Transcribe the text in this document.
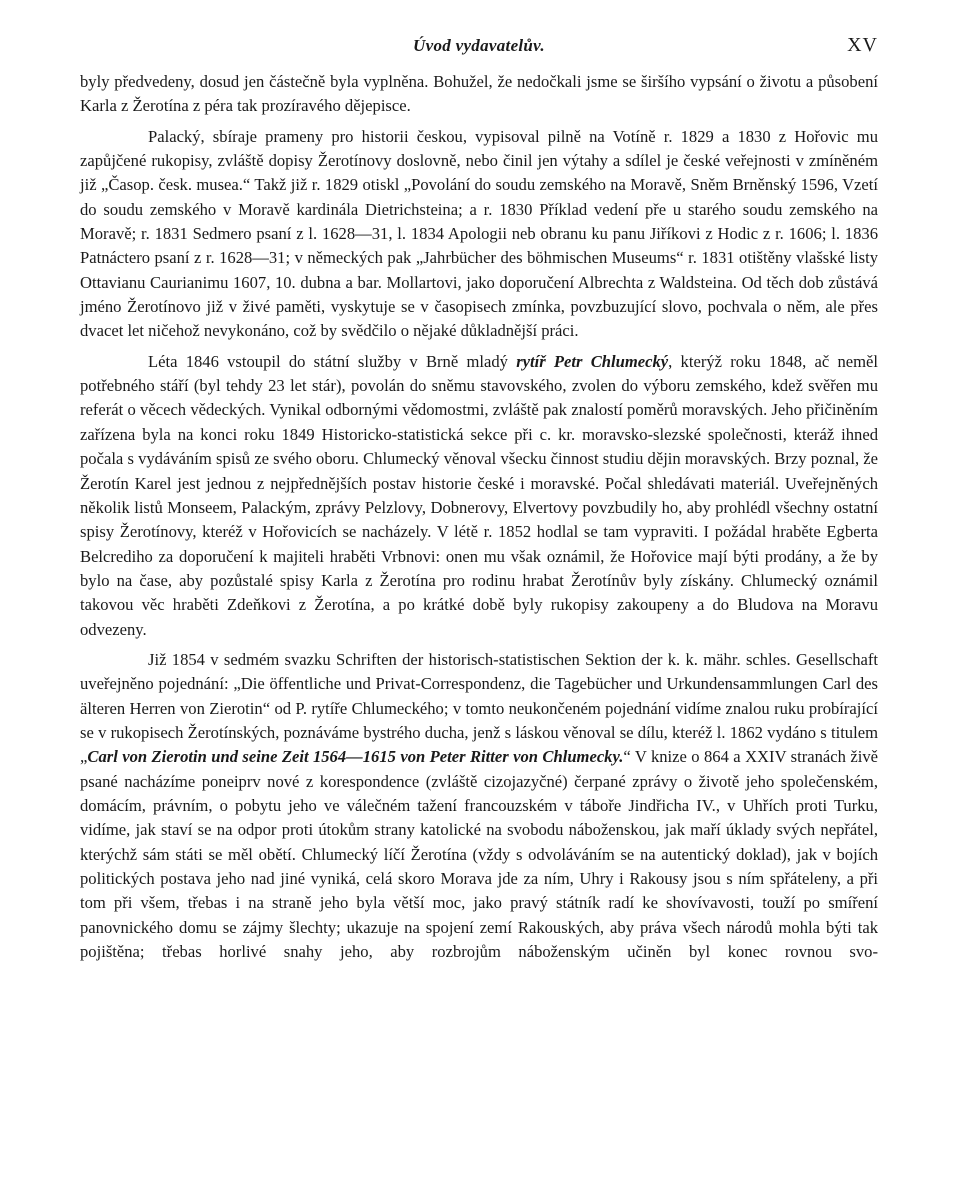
Úvod vydavatelův.	XV

byly předvedeny, dosud jen částečně byla vyplněna. Bohužel, že nedočkali jsme se širšího vypsání o životu a působení Karla z Žerotína z péra tak prozíravého dějepisce.

Palacký, sbíraje prameny pro historii českou, vypisoval pilně na Votíně r. 1829 a 1830 z Hořovic mu zapůjčené rukopisy, zvláště dopisy Žerotínovy doslovně, nebo činil jen výtahy a sdílel je české veřejnosti v zmíněném již „Časop. česk. musea.“ Takž již r. 1829 otiskl „Povolání do soudu zemského na Moravě, Sněm Brněnský 1596, Vzetí do soudu zemského v Moravě kardinála Dietrichsteina; a r. 1830 Příklad vedení pře u starého soudu zemského na Moravě; r. 1831 Sedmero psaní z l. 1628—31, l. 1834 Apologii neb obranu ku panu Jiříkovi z Hodic z r. 1606; l. 1836 Patnáctero psaní z r. 1628—31; v německých pak „Jahrbücher des böhmischen Museums“ r. 1831 otištěny vlašské listy Ottavianu Caurianimu 1607, 10. dubna a bar. Mollartovi, jako doporučení Albrechta z Waldsteina. Od těch dob zůstává jméno Žerotínovo již v živé paměti, vyskytuje se v časopisech zmínka, povzbuzující slovo, pochvala o něm, ale přes dvacet let ničehož nevykonáno, což by svědčilo o nějaké důkladnější práci.

Léta 1846 vstoupil do státní služby v Brně mladý rytíř Petr Chlumecký, kterýž roku 1848, ač neměl potřebného stáří (byl tehdy 23 let stár), povolán do sněmu stavovského, zvolen do výboru zemského, kdež svěřen mu referát o věcech vědeckých. Vynikal odbornými vědomostmi, zvláště pak znalostí poměrů moravských. Jeho přičiněním zařízena byla na konci roku 1849 Historicko-statistická sekce při c. kr. moravsko-slezské společnosti, kteráž ihned počala s vydáváním spisů ze svého oboru. Chlumecký věnoval všecku činnost studiu dějin moravských. Brzy poznal, že Žerotín Karel jest jednou z nejpřednějších postav historie české i moravské. Počal shledávati materiál. Uveřejněných několik listů Monseem, Palackým, zprávy Pelzlovy, Dobnerovy, Elvertovy povzbudily ho, aby prohlédl všechny ostatní spisy Žerotínovy, kteréž v Hořovicích se nacházely. V létě r. 1852 hodlal se tam vypraviti. I požádal hraběte Egberta Belcrediho za doporučení k majiteli hraběti Vrbnovi: onen mu však oznámil, že Hořovice mají býti prodány, a že by bylo na čase, aby pozůstalé spisy Karla z Žerotína pro rodinu hrabat Žerotínův byly získány. Chlumecký oznámil takovou věc hraběti Zdeňkovi z Žerotína, a po krátké době byly rukopisy zakoupeny a do Bludova na Moravu odvezeny.

Již 1854 v sedmém svazku Schriften der historisch-statistischen Sektion der k. k. mähr. schles. Gesellschaft uveřejněno pojednání: „Die öffentliche und Privat-Correspondenz, die Tagebücher und Urkundensammlungen Carl des älteren Herren von Zierotin“ od P. rytíře Chlumeckého; v tomto neukončeném pojednání vidíme znalou ruku probírající se v rukopisech Žerotínských, poznáváme bystrého ducha, jenž s láskou věnoval se dílu, kteréž l. 1862 vydáno s titulem „Carl von Zierotin und seine Zeit 1564—1615 von Peter Ritter von Chlumecky.“ V knize o 864 a XXIV stranách živě psané nacházíme poneiprv nové z korespondence (zvláště cizojazyčné) čerpané zprávy o životě jeho společenském, domácím, právním, o pobytu jeho ve válečném tažení francouzském v táboře Jindřicha IV., v Uhřích proti Turku, vidíme, jak staví se na odpor proti útokům strany katolické na svobodu náboženskou, jak maří úklady svých nepřátel, kterýchž sám státi se měl obětí. Chlumecký líčí Žerotína (vždy s odvoláváním se na autentický doklad), jak v bojích politických postava jeho nad jiné vyniká, celá skoro Morava jde za ním, Uhry i Rakousy jsou s ním spřáteleny, a při tom při všem, třebas i na straně jeho byla větší moc, jako pravý státník radí ke shovívavosti, touží po smíření panovnického domu se zájmy šlechty; ukazuje na spojení zemí Rakouských, aby práva všech národů mohla býti tak pojištěna; třebas horlivé snahy jeho, aby rozbrojům náboženským učiněn byl konec rovnou svo-
